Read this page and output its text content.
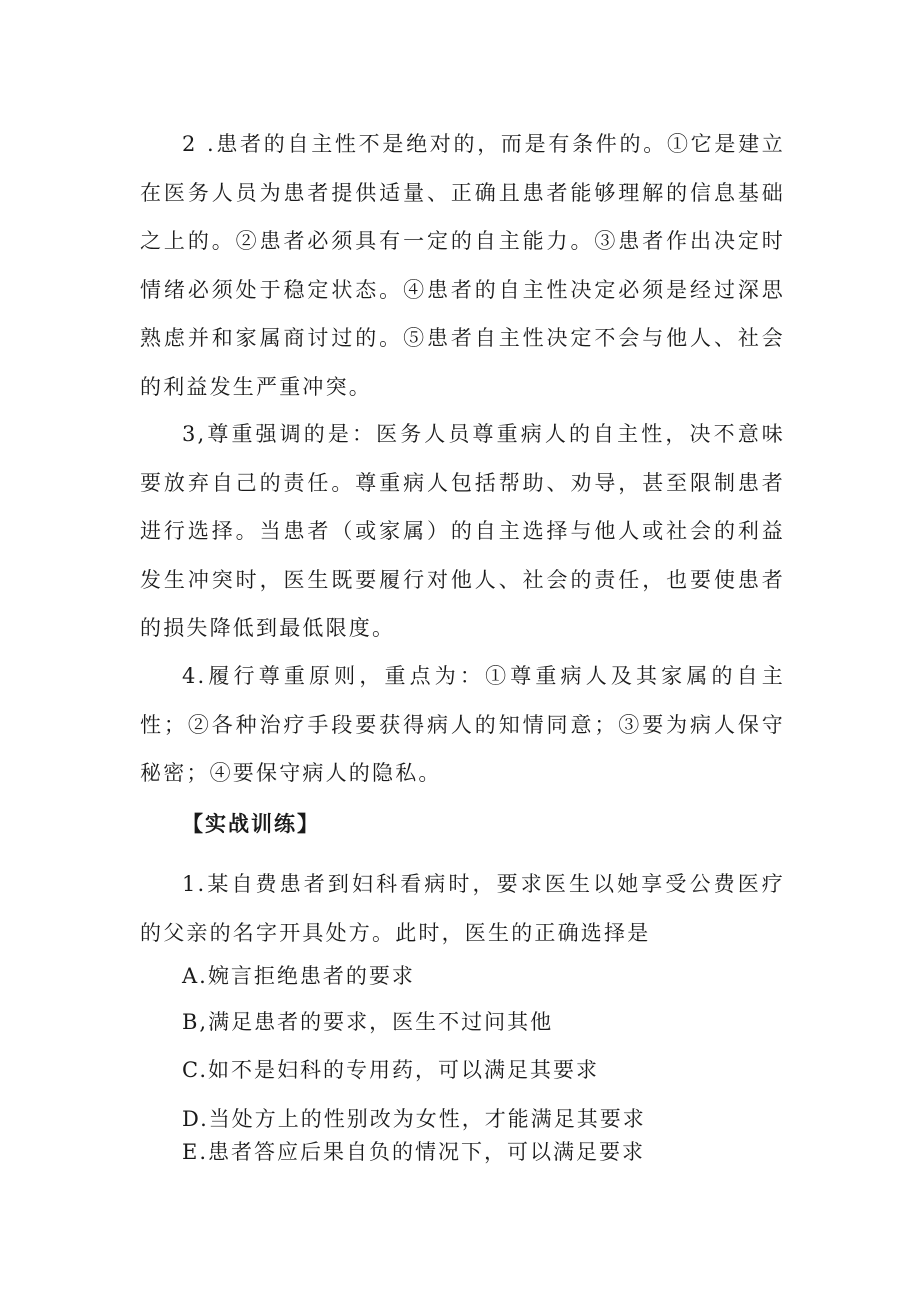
2 .患者的自主性不是绝对的，而是有条件的。①它是建立在医务人员为患者提供适量、正确且患者能够理解的信息基础之上的。②患者必须具有一定的自主能力。③患者作出决定时情绪必须处于稳定状态。④患者的自主性决定必须是经过深思熟虑并和家属商讨过的。⑤患者自主性决定不会与他人、社会的利益发生严重冲突。

3,尊重强调的是：医务人员尊重病人的自主性，决不意味要放弃自己的责任。尊重病人包括帮助、劝导，甚至限制患者进行选择。当患者（或家属）的自主选择与他人或社会的利益发生冲突时，医生既要履行对他人、社会的责任，也要使患者的损失降低到最低限度。

4.履行尊重原则，重点为：①尊重病人及其家属的自主性；②各种治疗手段要获得病人的知情同意；③要为病人保守秘密；④要保守病人的隐私。

【实战训练】

1.某自费患者到妇科看病时，要求医生以她享受公费医疗的父亲的名字开具处方。此时，医生的正确选择是

A.婉言拒绝患者的要求

B,满足患者的要求，医生不过问其他

C.如不是妇科的专用药，可以满足其要求

D.当处方上的性别改为女性，才能满足其要求

E.患者答应后果自负的情况下，可以满足要求
